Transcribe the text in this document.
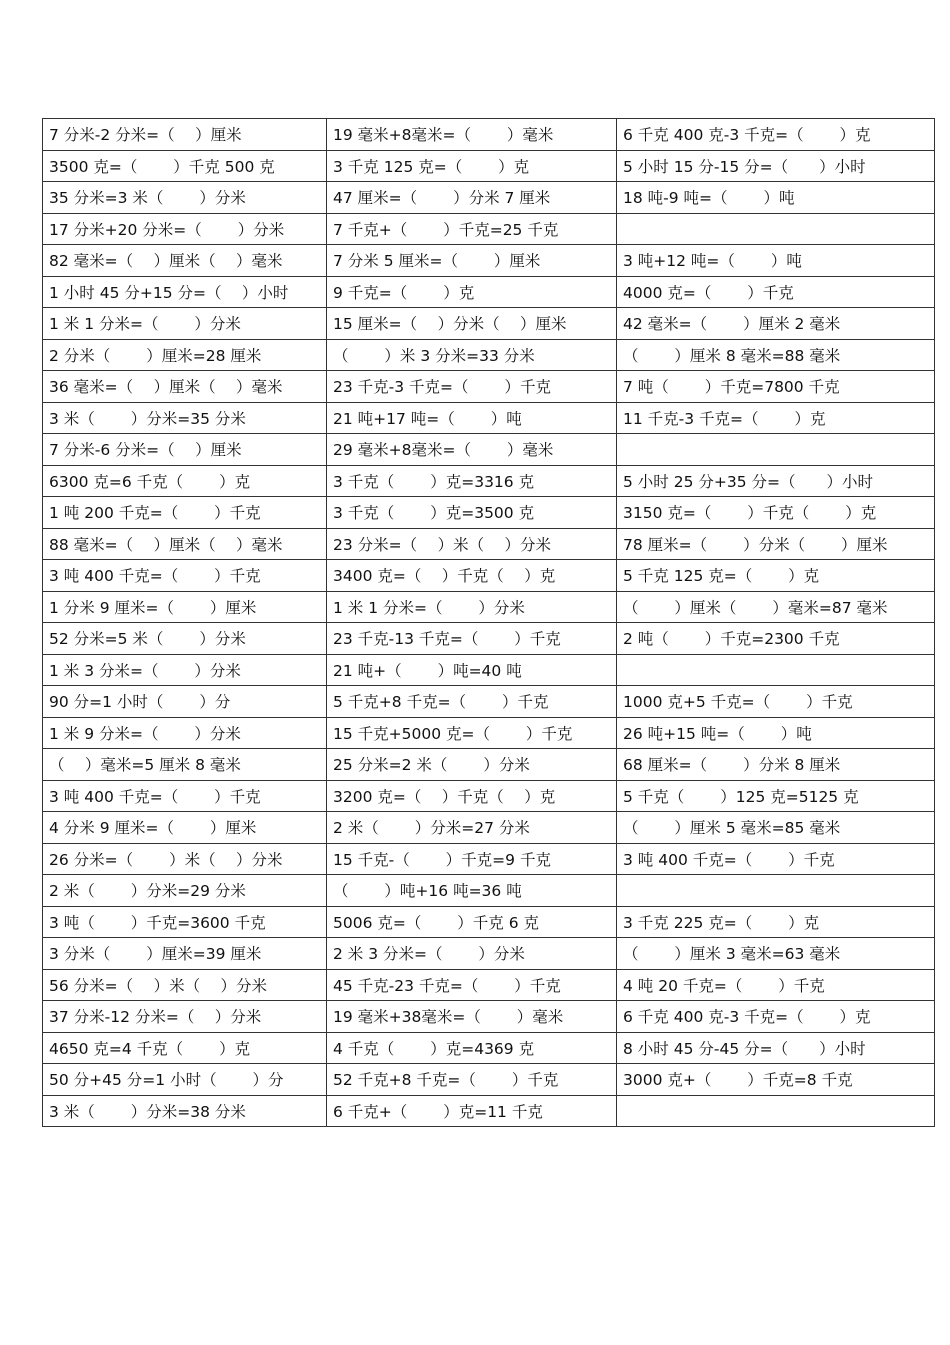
7 分米-2 分米=（　 ）厘米	19 毫米+8毫米=（　　 ）毫米	6 千克 400 克-3 千克=（　　 ）克
3500 克=（　　 ）千克 500 克	3 千克 125 克=（　　 ）克	5 小时 15 分-15 分=（　　）小时
35 分米=3 米（　　 ）分米	47 厘米=（　　 ）分米 7 厘米	18 吨-9 吨=（　　 ）吨
17 分米+20 分米=（　　 ）分米	7 千克+（　　 ）千克=25 千克	
82 毫米=（　 ）厘米（　 ）毫米	7 分米 5 厘米=（　　 ）厘米	3 吨+12 吨=（　　 ）吨
1 小时 45 分+15 分=（　 ）小时	9 千克=（　　 ）克	4000 克=（　　 ）千克
1 米 1 分米=（　　 ）分米	15 厘米=（　 ）分米（　 ）厘米	42 毫米=（　　 ）厘米 2 毫米
2 分米（　　 ）厘米=28 厘米	（　　 ）米 3 分米=33 分米	（　　 ）厘米 8 毫米=88 毫米
36 毫米=（　 ）厘米（　 ）毫米	23 千克-3 千克=（　　 ）千克	7 吨（　　 ）千克=7800 千克
3 米（　　 ）分米=35 分米	21 吨+17 吨=（　　 ）吨	11 千克-3 千克=（　　 ）克
7 分米-6 分米=（　 ）厘米	29 毫米+8毫米=（　　 ）毫米	
6300 克=6 千克（　　 ）克	3 千克（　　 ）克=3316 克	5 小时 25 分+35 分=（　　）小时
1 吨 200 千克=（　　 ）千克	3 千克（　　 ）克=3500 克	3150 克=（　　 ）千克（　　 ）克
88 毫米=（　 ）厘米（　 ）毫米	23 分米=（　 ）米（　 ）分米	78 厘米=（　　 ）分米（　　 ）厘米
3 吨 400 千克=（　　 ）千克	3400 克=（　 ）千克（　 ）克	5 千克 125 克=（　　 ）克
1 分米 9 厘米=（　　 ）厘米	1 米 1 分米=（　　 ）分米	（　　 ）厘米（　　 ）毫米=87 毫米
52 分米=5 米（　　 ）分米	23 千克-13 千克=（　　 ）千克	2 吨（　　 ）千克=2300 千克
1 米 3 分米=（　　 ）分米	21 吨+（　　 ）吨=40 吨	
90 分=1 小时（　　 ）分	5 千克+8 千克=（　　 ）千克	1000 克+5 千克=（　　 ）千克
1 米 9 分米=（　　 ）分米	15 千克+5000 克=（　　 ）千克	26 吨+15 吨=（　　 ）吨
（　 ）毫米=5 厘米 8 毫米	25 分米=2 米（　　 ）分米	68 厘米=（　　 ）分米 8 厘米
3 吨 400 千克=（　　 ）千克	3200 克=（　 ）千克（　 ）克	5 千克（　　 ）125 克=5125 克
4 分米 9 厘米=（　　 ）厘米	2 米（　　 ）分米=27 分米	（　　 ）厘米 5 毫米=85 毫米
26 分米=（　　 ）米（　 ）分米	15 千克-（　　 ）千克=9 千克	3 吨 400 千克=（　　 ）千克
2 米（　　 ）分米=29 分米	（　　 ）吨+16 吨=36 吨	
3 吨（　　 ）千克=3600 千克	5006 克=（　　 ）千克 6 克	3 千克 225 克=（　　 ）克
3 分米（　　 ）厘米=39 厘米	2 米 3 分米=（　　 ）分米	（　　 ）厘米 3 毫米=63 毫米
56 分米=（　 ）米（　 ）分米	45 千克-23 千克=（　　 ）千克	4 吨 20 千克=（　　 ）千克
37 分米-12 分米=（　 ）分米	19 毫米+38毫米=（　　 ）毫米	6 千克 400 克-3 千克=（　　 ）克
4650 克=4 千克（　　 ）克	4 千克（　　 ）克=4369 克	8 小时 45 分-45 分=（　　）小时
50 分+45 分=1 小时（　　 ）分	52 千克+8 千克=（　　 ）千克	3000 克+（　　 ）千克=8 千克
3 米（　　 ）分米=38 分米	6 千克+（　　 ）克=11 千克	
